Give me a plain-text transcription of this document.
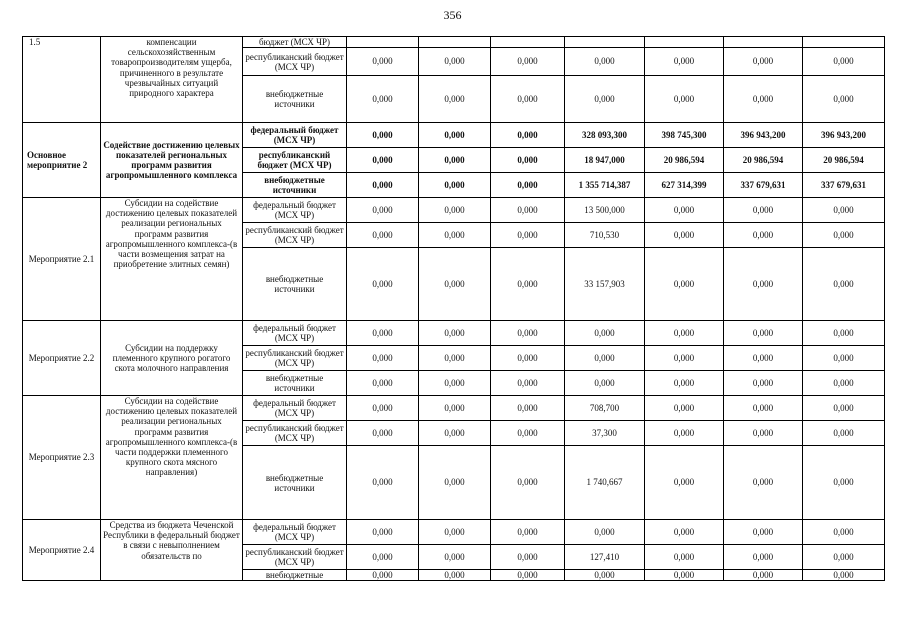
356
1.5	компенсации сельскохозяйственным товаропроизводителям ущерба, причиненного в результате чрезвычайных ситуаций природного характера	бюджет (МСХ ЧР)							
		республиканский бюджет (МСХ ЧР)	0,000	0,000	0,000	0,000	0,000	0,000	0,000
		внебюджетные источники	0,000	0,000	0,000	0,000	0,000	0,000	0,000
Основное мероприятие 2	Содействие достижению целевых показателей региональных программ развития агропромышленного комплекса	федеральный бюджет (МСХ ЧР)	0,000	0,000	0,000	328 093,300	398 745,300	396 943,200	396 943,200
		республиканский бюджет (МСХ ЧР)	0,000	0,000	0,000	18 947,000	20 986,594	20 986,594	20 986,594
		внебюджетные источники	0,000	0,000	0,000	1 355 714,387	627 314,399	337 679,631	337 679,631
Мероприятие 2.1	Субсидии на содействие достижению целевых показателей реализации региональных программ развития агропромышленного комплекса-(в части возмещения затрат на приобретение элитных семян)	федеральный бюджет (МСХ ЧР)	0,000	0,000	0,000	13 500,000	0,000	0,000	0,000
		республиканский бюджет (МСХ ЧР)	0,000	0,000	0,000	710,530	0,000	0,000	0,000
		внебюджетные источники	0,000	0,000	0,000	33 157,903	0,000	0,000	0,000
Мероприятие 2.2	Субсидии на поддержку племенного крупного рогатого скота молочного направления	федеральный бюджет (МСХ ЧР)	0,000	0,000	0,000	0,000	0,000	0,000	0,000
		республиканский бюджет (МСХ ЧР)	0,000	0,000	0,000	0,000	0,000	0,000	0,000
		внебюджетные источники	0,000	0,000	0,000	0,000	0,000	0,000	0,000
Мероприятие 2.3	Субсидии на содействие достижению целевых показателей реализации региональных программ развития агропромышленного комплекса-(в части поддержки племенного крупного скота мясного направления)	федеральный бюджет (МСХ ЧР)	0,000	0,000	0,000	708,700	0,000	0,000	0,000
		республиканский бюджет (МСХ ЧР)	0,000	0,000	0,000	37,300	0,000	0,000	0,000
		внебюджетные источники	0,000	0,000	0,000	1 740,667	0,000	0,000	0,000
Мероприятие 2.4	Средства из бюджета Чеченской Республики в федеральный бюджет в связи с невыполнением обязательств по	федеральный бюджет (МСХ ЧР)	0,000	0,000	0,000	0,000	0,000	0,000	0,000
		республиканский бюджет (МСХ ЧР)	0,000	0,000	0,000	127,410	0,000	0,000	0,000
		внебюджетные	0,000	0,000	0,000	0,000	0,000	0,000	0,000
